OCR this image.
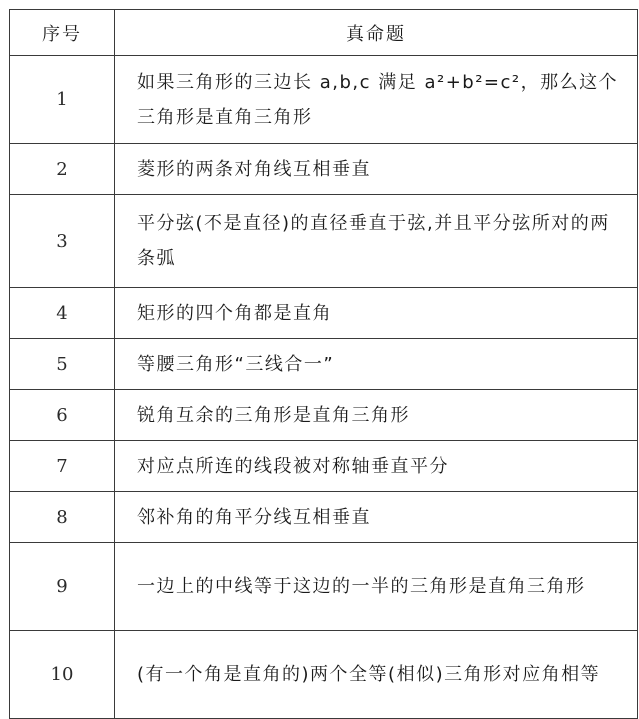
序号	真命题
1	如果三角形的三边长 a,b,c 满足 a²+b²=c²，那么这个三角形是直角三角形
2	菱形的两条对角线互相垂直
3	平分弦(不是直径)的直径垂直于弦,并且平分弦所对的两条弧
4	矩形的四个角都是直角
5	等腰三角形“三线合一”
6	锐角互余的三角形是直角三角形
7	对应点所连的线段被对称轴垂直平分
8	邻补角的角平分线互相垂直
9	一边上的中线等于这边的一半的三角形是直角三角形
10	(有一个角是直角的)两个全等(相似)三角形对应角相等
